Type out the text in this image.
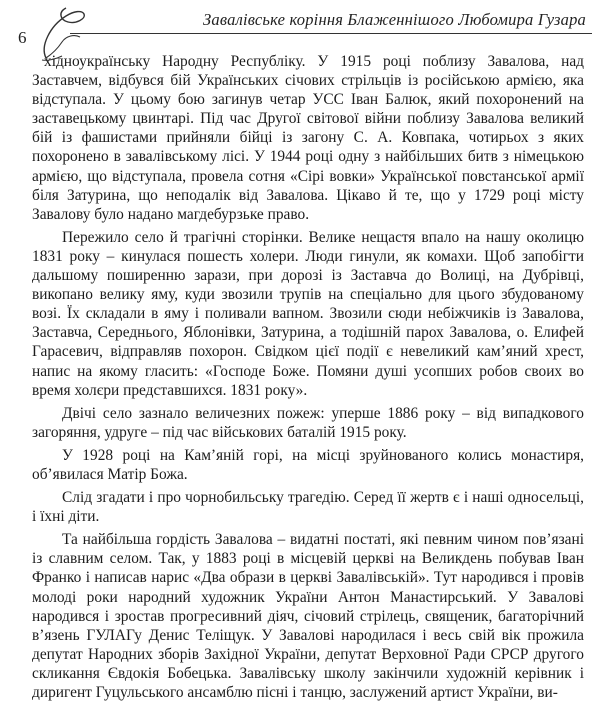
6
Завалівське коріння Блаженнішого Любомира Гузара

хідноукраїнську Народну Республіку. У 1915 році поблизу Завалова, над Заставчем, відбувся бій Українських січових стрільців із російською армією, яка відступала. У цьому бою загинув четар УСС Іван Балюк, який похоронений на заставецькому цвинтарі. Під час Другої світової війни поблизу Завалова великий бій із фашистами прийняли бійці із загону С. А. Ковпака, чотирьох з яких похоронено в завалівському лісі. У 1944 році одну з найбільших битв з німецькою армією, що відступала, провела сотня «Сірі вовки» Української повстанської армії біля Затурина, що неподалік від Завалова. Цікаво й те, що у 1729 році місту Завалову було надано магдебурзьке право.

Пережило село й трагічні сторінки. Велике нещастя впало на нашу околицю 1831 року – кинулася пошесть холери. Люди гинули, як комахи. Щоб запобігти дальшому поширенню зарази, при дорозі із Заставча до Волиці, на Дубрівці, викопано велику яму, куди звозили трупів на спеціально для цього збудованому возі. Їх складали в яму і поливали вапном. Звозили сюди небіжчиків із Завалова, Заставча, Середнього, Яблонівки, Затурина, а тодішній парох Завалова, о. Елифей Гарасевич, відправляв похорон. Свідком цієї події є невеликий кам’яний хрест, напис на якому гласить: «Господе Боже. Помяни душі усопших робов своих во время холєри представшихся. 1831 року».

Двічі село зазнало величезних пожеж: уперше 1886 року – від випадкового загоряння, удруге – під час військових баталій 1915 року.

У 1928 році на Кам’яній горі, на місці зруйнованого колись монастиря, об’явилася Матір Божа.

Слід згадати і про чорнобильську трагедію. Серед її жертв є і наші односельці, і їхні діти.

Та найбільша гордість Завалова – видатні постаті, які певним чином пов’язані із славним селом. Так, у 1883 році в місцевій церкві на Великдень побував Іван Франко і написав нарис «Два образи в церкві Завалівській». Тут народився і провів молоді роки народний художник України Антон Манастирський. У Завалові народився і зростав прогресивний діяч, січовий стрілець, священик, багаторічний в’язень ГУЛАГу Денис Теліщук. У Завалові народилася і весь свій вік прожила депутат Народних зборів Західної України, депутат Верховної Ради СРСР другого скликання Євдокія Бобецька. Завалівську школу закінчили художній керівник і диригент Гуцульського ансамблю пісні і танцю, заслужений артист України, ви-
